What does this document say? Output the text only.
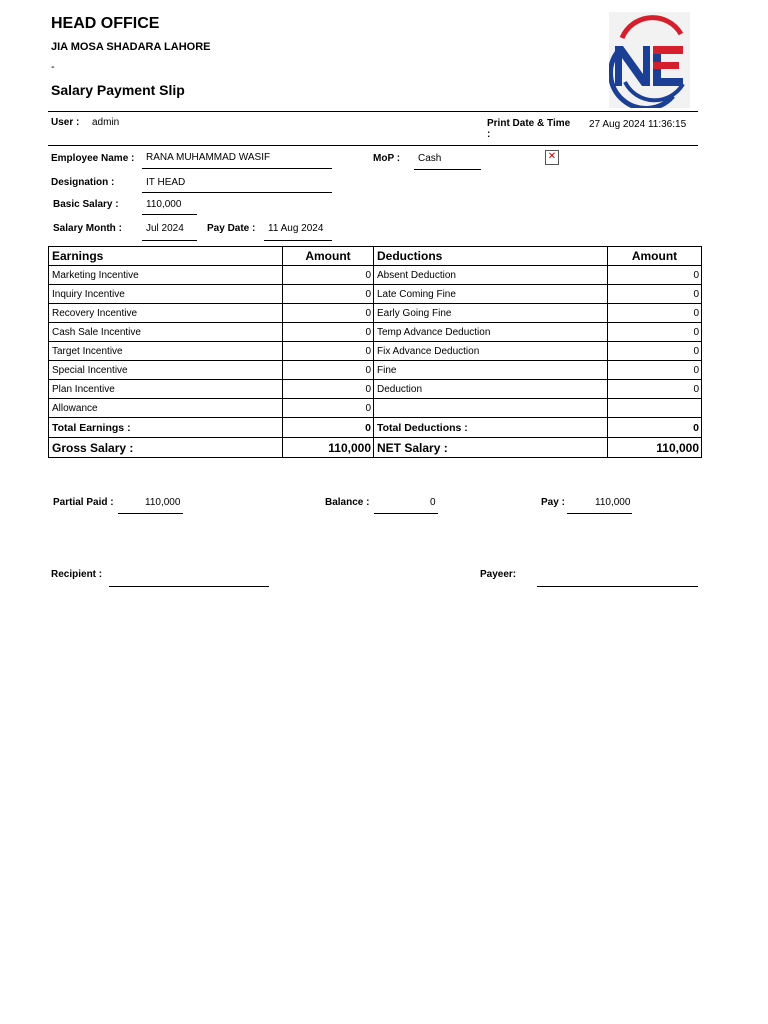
HEAD OFFICE
JIA MOSA SHADARA LAHORE
-
Salary Payment Slip
User : admin	Print Date & Time
:
27 Aug 2024 11:36:15
Employee Name : RANA MUHAMMAD WASIF	MoP : Cash	✕
Designation :	IT HEAD
Basic Salary :	110,000
Salary Month : Jul 2024 Pay Date : 11 Aug 2024
Earnings	Amount	Deductions	Amount
Marketing Incentive	0	Absent Deduction	0
Inquiry Incentive	0	Late Coming Fine	0
Recovery Incentive	0	Early Going Fine	0
Cash Sale Incentive	0	Temp Advance Deduction	0
Target Incentive	0	Fix Advance Deduction	0
Special Incentive	0	Fine	0
Plan Incentive	0	Deduction	0
Allowance	0		
Total Earnings :	0	Total Deductions :	0
Gross Salary :	110,000	NET Salary :	110,000
Partial Paid :	110,000	Balance :	0	Pay :	110,000
Recipient :	Payeer:
